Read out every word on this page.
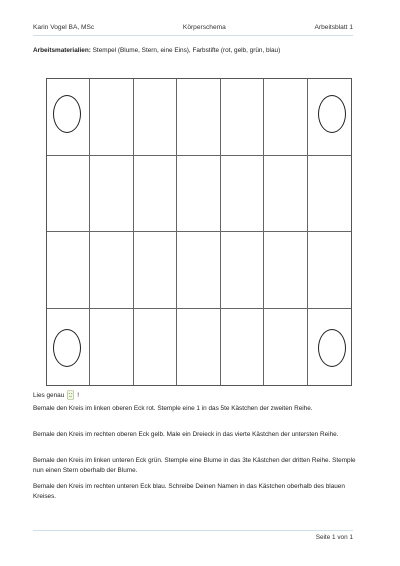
Karin Vogel BA, MSc	Körperschema	Arbeitsblatt 1
Arbeitsmaterialien: Stempel (Blume, Stern, eine Eins), Farbstifte (rot, gelb, grün, blau)
Lies genau !
Bemale den Kreis im linken oberen Eck rot. Stemple eine 1 in das 5te Kästchen der zweiten Reihe.
Bemale den Kreis im rechten oberen Eck gelb. Male ein Dreieck in das vierte Kästchen der untersten Reihe.
Bemale den Kreis im linken unteren Eck grün. Stemple eine Blume in das 3te Kästchen der dritten Reihe. Stemple nun einen Stern oberhalb der Blume.
Bemale den Kreis im rechten unteren Eck blau. Schreibe Deinen Namen in das Kästchen oberhalb des blauen Kreises.
Seite 1 von 1
